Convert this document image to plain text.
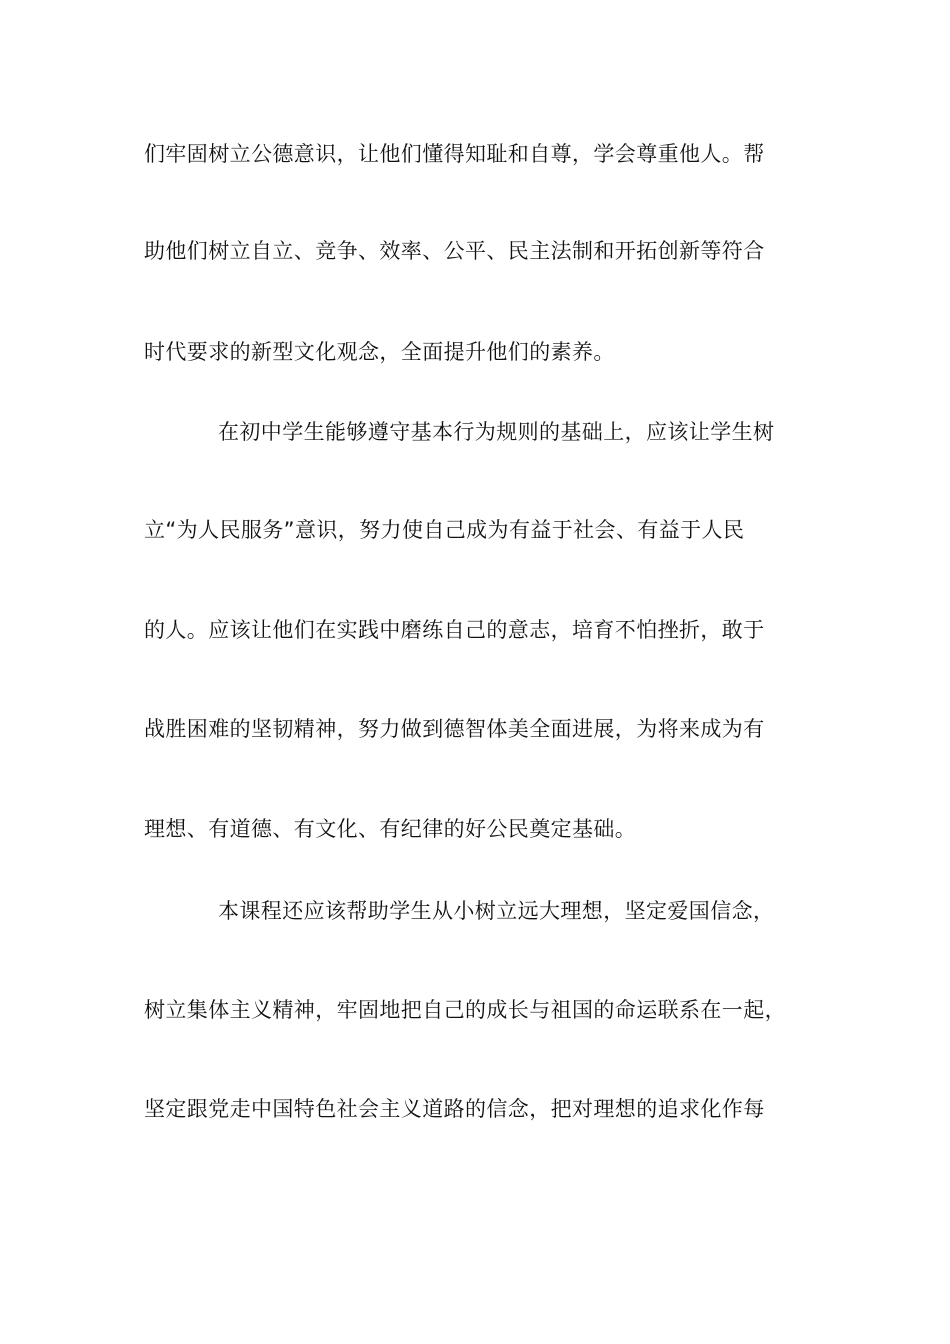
们牢固树立公德意识，让他们懂得知耻和自尊，学会尊重他人。帮
助他们树立自立、竞争、效率、公平、民主法制和开拓创新等符合
时代要求的新型文化观念，全面提升他们的素养。
在初中学生能够遵守基本行为规则的基础上，应该让学生树
立“为人民服务”意识，努力使自己成为有益于社会、有益于人民
的人。应该让他们在实践中磨练自己的意志，培育不怕挫折，敢于
战胜困难的坚韧精神，努力做到德智体美全面进展，为将来成为有
理想、有道德、有文化、有纪律的好公民奠定基础。
本课程还应该帮助学生从小树立远大理想，坚定爱国信念，
树立集体主义精神，牢固地把自己的成长与祖国的命运联系在一起，
坚定跟党走中国特色社会主义道路的信念，把对理想的追求化作每
